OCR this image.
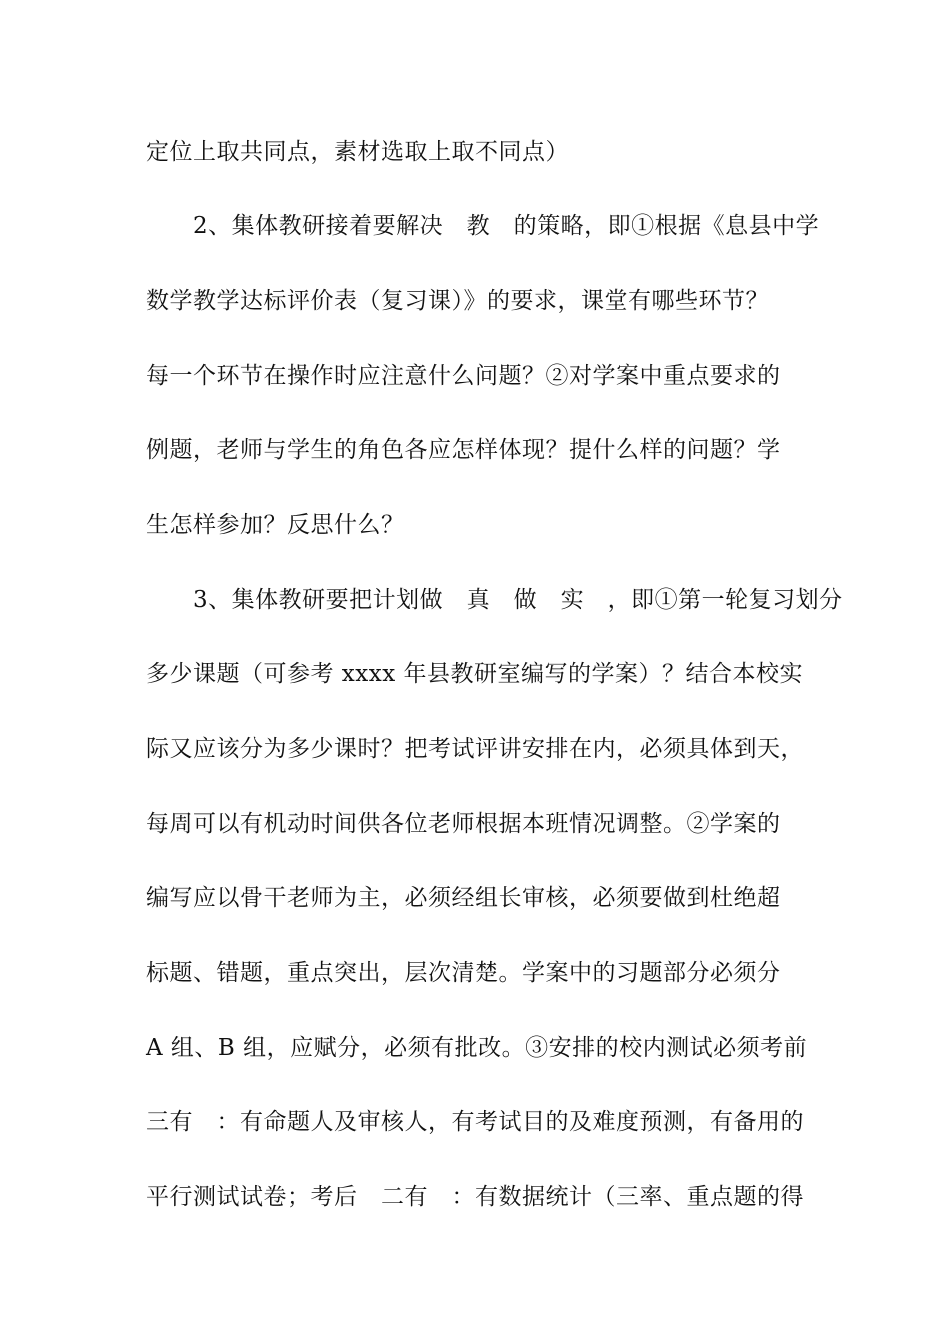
定位上取共同点，素材选取上取不同点）
　　2、集体教研接着要解决　教　的策略，即①根据《息县中学
数学教学达标评价表（复习课）》的要求，课堂有哪些环节？
每一个环节在操作时应注意什么问题？②对学案中重点要求的
例题，老师与学生的角色各应怎样体现？提什么样的问题？学
生怎样参加？反思什么？
　　3、集体教研要把计划做　真　做　实　，即①第一轮复习划分
多少课题（可参考 xxxx 年县教研室编写的学案）？结合本校实
际又应该分为多少课时？把考试评讲安排在内，必须具体到天，
每周可以有机动时间供各位老师根据本班情况调整。②学案的
编写应以骨干老师为主，必须经组长审核，必须要做到杜绝超
标题、错题，重点突出，层次清楚。学案中的习题部分必须分
A 组、B 组，应赋分，必须有批改。③安排的校内测试必须考前
三有　：有命题人及审核人，有考试目的及难度预测，有备用的
平行测试试卷；考后　二有　：有数据统计（三率、重点题的得
